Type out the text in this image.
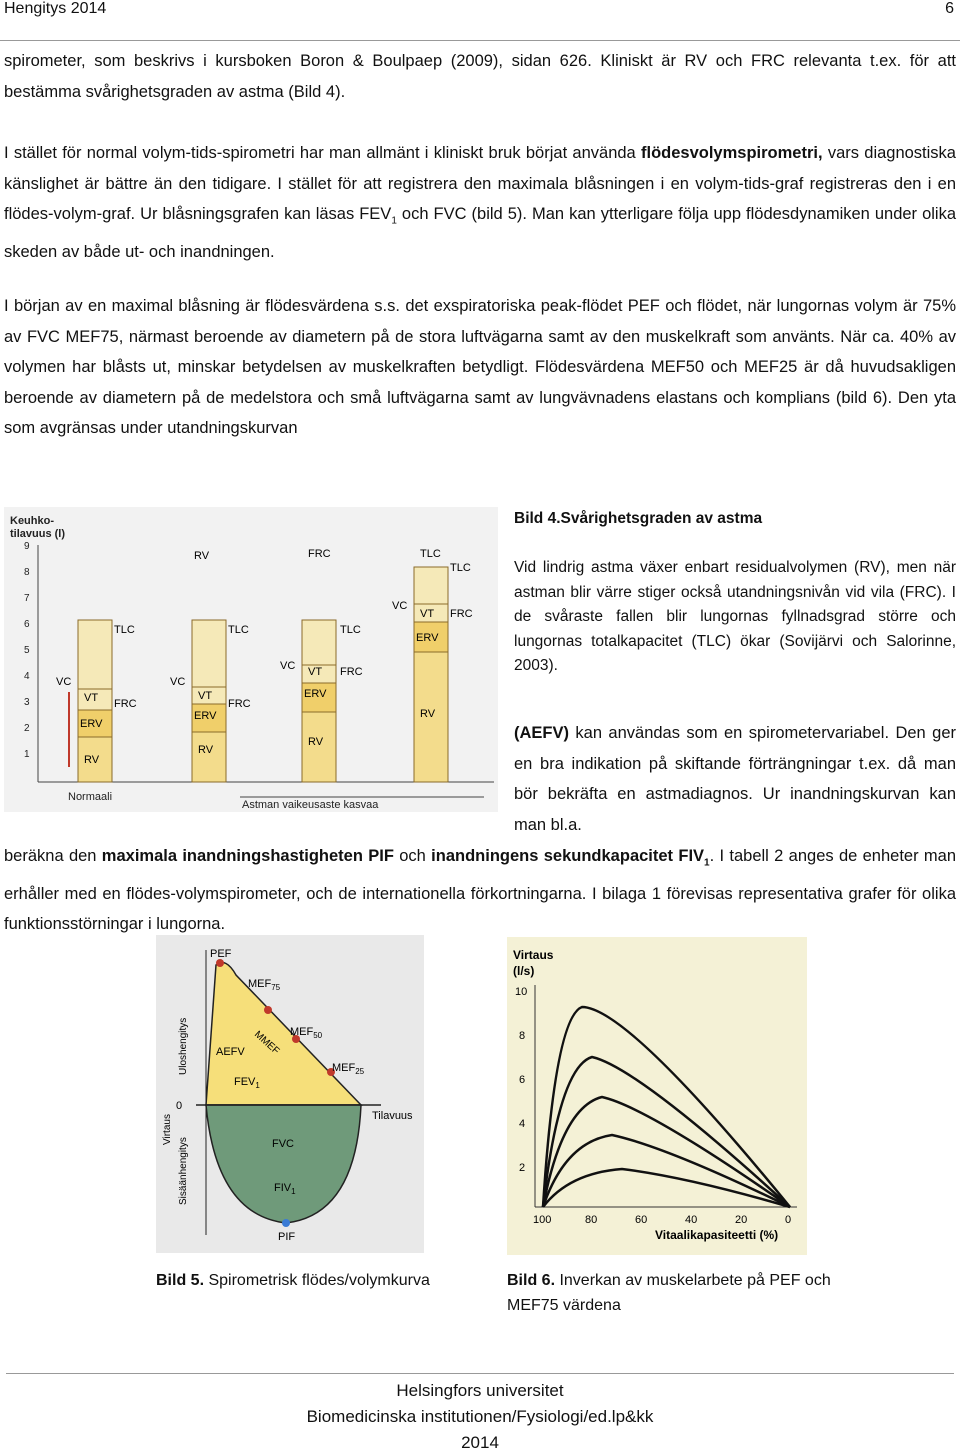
Hengitys 2014	6

spirometer, som beskrivs i kursboken Boron & Boulpaep (2009), sidan 626. Kliniskt är RV och FRC relevanta t.ex. för att bestämma svårighetsgraden av astma (Bild 4).

I stället för normal volym-tids-spirometri har man allmänt i kliniskt bruk börjat använda flödesvolymspirometri, vars diagnostiska känslighet är bättre än den tidigare. I stället för att registrera den maximala blåsningen i en volym-tids-graf registreras den i en flödes-volym-graf. Ur blåsningsgrafen kan läsas $FEV_1$ och FVC (bild 5). Man kan ytterligare följa upp flödesdynamiken under olika skeden av både ut- och inandningen.

I början av en maximal blåsning är flödesvärdena s.s. det exspiratoriska peak-flödet PEF och flödet, när lungornas volym är 75% av FVC MEF75, närmast beroende av diametern på de stora luftvägarna samt av den muskelkraft som använts. När ca. 40% av volymen har blåsts ut, minskar betydelsen av muskelkraften betydligt. Flödesvärdena MEF50 och MEF25 är då huvudsakligen beroende av diametern på de medelstora och små luftvägarna samt av lungvävnadens elastans och komplians (bild 6). Den yta som avgränsas under utandningskurvan

Keuhko-
tilavuus (l)
9
8
7
6
5
4
3
2
1	RV
ERV
VT
TLC
FRC
VC
RV
ERV
VT
TLC
FRC
VC
RV
RV
ERV
VT
TLC
FRC
VC
FRC
RV
ERV
VT
TLC
FRC
VC
TLC
Normaali
Astman vaikeusaste kasvaa
Bild 4.Svårighetsgraden av astma
Vid lindrig astma växer enbart residualvolymen (RV), men när astman blir värre stiger också utandningsnivån vid vila (FRC). I de svåraste fallen blir lungornas fyllnadsgrad större och lungornas totalkapacitet (TLC) ökar (Sovijärvi och Salorinne, 2003).
(AEFV) kan användas som en spirometervariabel. Den ger en bra indikation på skiftande förträngningar t.ex. då man bör bekräfta en astmadiagnos. Ur inandningskurvan kan man bl.a.

beräkna den maximala inandningshastigheten PIF och inandningens sekundkapacitet $FIV_1$. I tabell 2 anges de enheter man erhåller med en flödes-volymspirometer, och de internationella förkortningarna. I bilaga 1 förevisas representativa grafer för olika funktionsstörningar i lungorna.

PEF
$MEF_{75}$
$MEF_{50}$
$MEF_{25}$
MMEF
AEFV
$FEV_1$
FVC
$FIV_1$
PIF
0
Tilavuus
Virtaus
Uloshengitys
Sisäänhengitys
Bild 5. Spirometrisk flödes/volymkurva
Virtaus
(l/s)
10
8
6
4
2
100	80	60	40	20	0
Vitaalikapasiteetti (%)
Bild 6. Inverkan av muskelarbete på PEF och MEF75 värdena
Helsingfors universitet
Biomedicinska institutionen/Fysiologi/ed.lp&kk
2014
